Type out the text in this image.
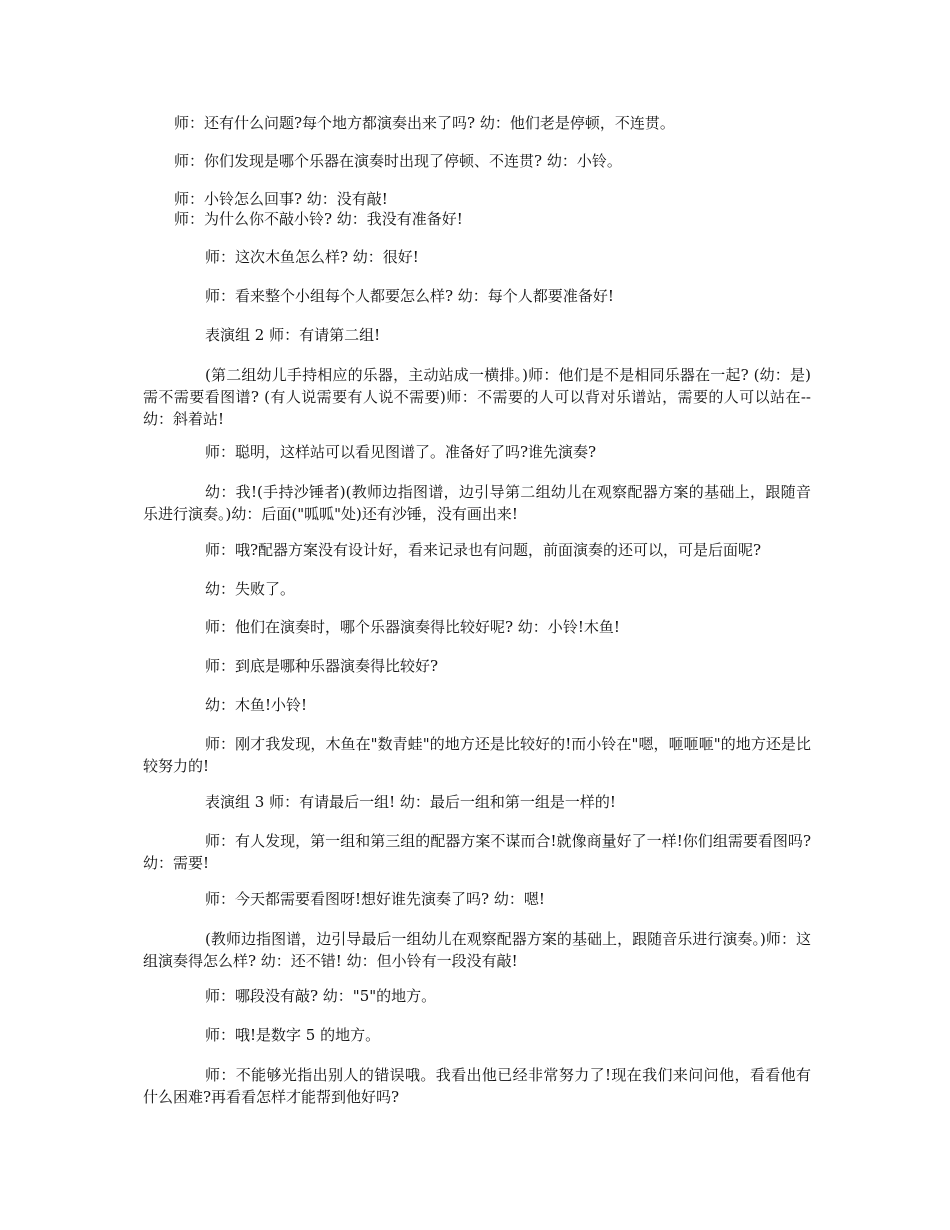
师：还有什么问题?每个地方都演奏出来了吗? 幼：他们老是停顿，不连贯。
师：你们发现是哪个乐器在演奏时出现了停顿、不连贯? 幼：小铃。
师：小铃怎么回事? 幼：没有敲!
师：为什么你不敲小铃? 幼：我没有准备好!
师：这次木鱼怎么样? 幼：很好!
师：看来整个小组每个人都要怎么样? 幼：每个人都要准备好!
表演组 2 师：有请第二组!
(第二组幼儿手持相应的乐器，主动站成一横排。)师：他们是不是相同乐器在一起? (幼：是)需不需要看图谱? (有人说需要有人说不需要)师：不需要的人可以背对乐谱站，需要的人可以站在--幼：斜着站!
师：聪明，这样站可以看见图谱了。准备好了吗?谁先演奏?
幼：我!(手持沙锤者)(教师边指图谱，边引导第二组幼儿在观察配器方案的基础上，跟随音乐进行演奏。)幼：后面("呱呱"处)还有沙锤，没有画出来!
师：哦?配器方案没有设计好，看来记录也有问题，前面演奏的还可以，可是后面呢?
幼：失败了。
师：他们在演奏时，哪个乐器演奏得比较好呢? 幼：小铃!木鱼!
师：到底是哪种乐器演奏得比较好?
幼：木鱼!小铃!
师：刚才我发现，木鱼在"数青蛙"的地方还是比较好的!而小铃在"嗯，咂咂咂"的地方还是比较努力的!
表演组 3 师：有请最后一组! 幼：最后一组和第一组是一样的!
师：有人发现，第一组和第三组的配器方案不谋而合!就像商量好了一样!你们组需要看图吗? 幼：需要!
师：今天都需要看图呀!想好谁先演奏了吗? 幼：嗯!
(教师边指图谱，边引导最后一组幼儿在观察配器方案的基础上，跟随音乐进行演奏。)师：这组演奏得怎么样? 幼：还不错! 幼：但小铃有一段没有敲!
师：哪段没有敲? 幼："5"的地方。
师：哦!是数字 5 的地方。
师：不能够光指出别人的错误哦。我看出他已经非常努力了!现在我们来问问他，看看他有什么困难?再看看怎样才能帮到他好吗?
